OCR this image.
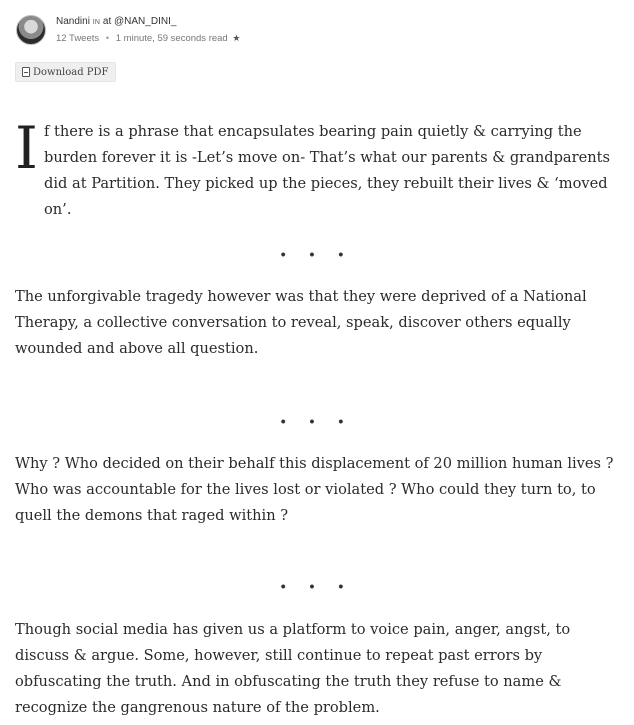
Nandini IN at @NAN_DINI_
12 Tweets • 1 minute, 59 seconds read ★
Download PDF

I f there is a phrase that encapsulates bearing pain quietly & carrying the burden forever it is -Let’s move on- That’s what our parents & grandparents did at Partition. They picked up the pieces, they rebuilt their lives & ‘moved on’.

• • •

The unforgivable tragedy however was that they were deprived of a National Therapy, a collective conversation to reveal, speak, discover others equally wounded and above all question.

• • •

Why ? Who decided on their behalf this displacement of 20 million human lives ? Who was accountable for the lives lost or violated ? Who could they turn to, to quell the demons that raged within ?

• • •

Though social media has given us a platform to voice pain, anger, angst, to discuss & argue. Some, however, still continue to repeat past errors by obfuscating the truth. And in obfuscating the truth they refuse to name & recognize the gangrenous nature of the problem.
